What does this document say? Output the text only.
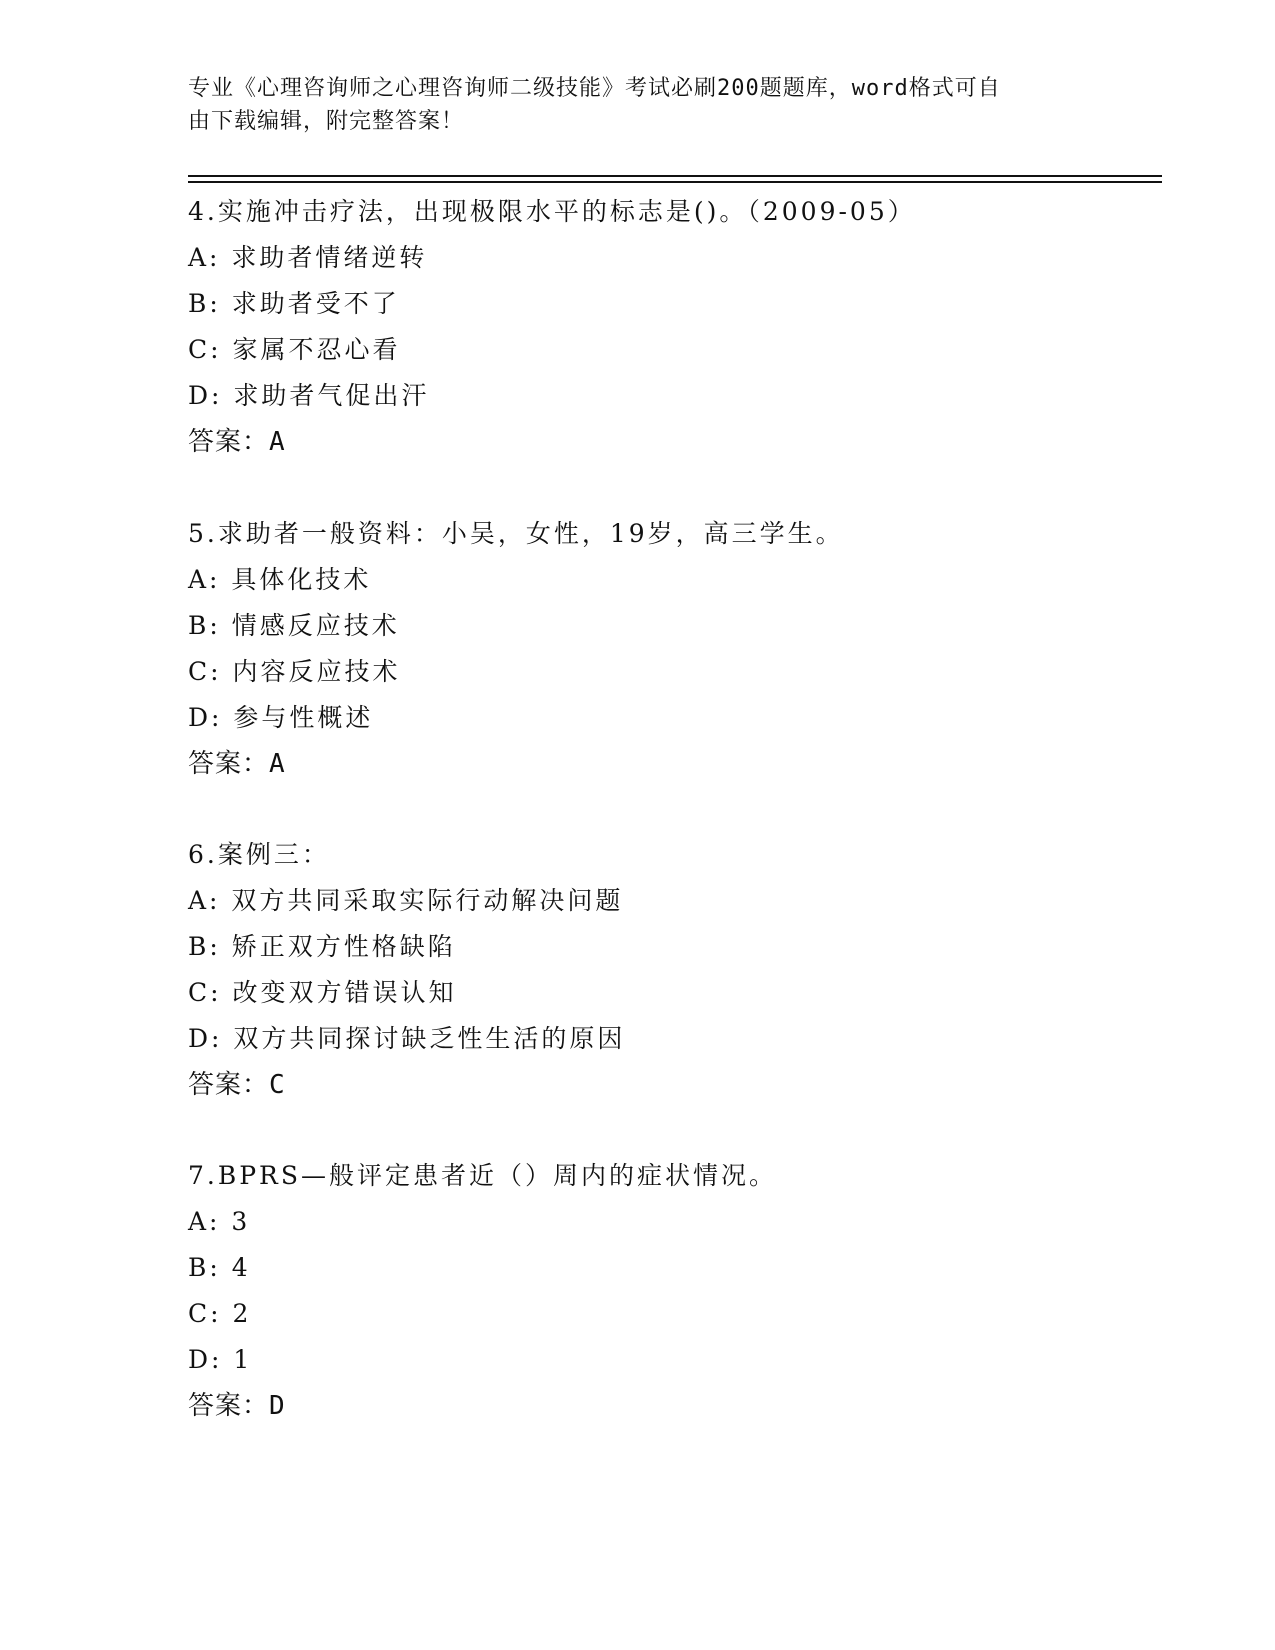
专业《心理咨询师之心理咨询师二级技能》考试必刷200题题库，word格式可自
由下载编辑，附完整答案！
4.实施冲击疗法，出现极限水平的标志是()。（2009-05）
A: 求助者情绪逆转
B: 求助者受不了
C: 家属不忍心看
D: 求助者气促出汗
答案：A
5.求助者一般资料：小吴，女性，19岁，高三学生。
A: 具体化技术
B: 情感反应技术
C: 内容反应技术
D: 参与性概述
答案：A
6.案例三：
A: 双方共同采取实际行动解决问题
B: 矫正双方性格缺陷
C: 改变双方错误认知
D: 双方共同探讨缺乏性生活的原因
答案：C
7.BPRS—般评定患者近（）周内的症状情况。
A: 3
B: 4
C: 2
D: 1
答案：D
